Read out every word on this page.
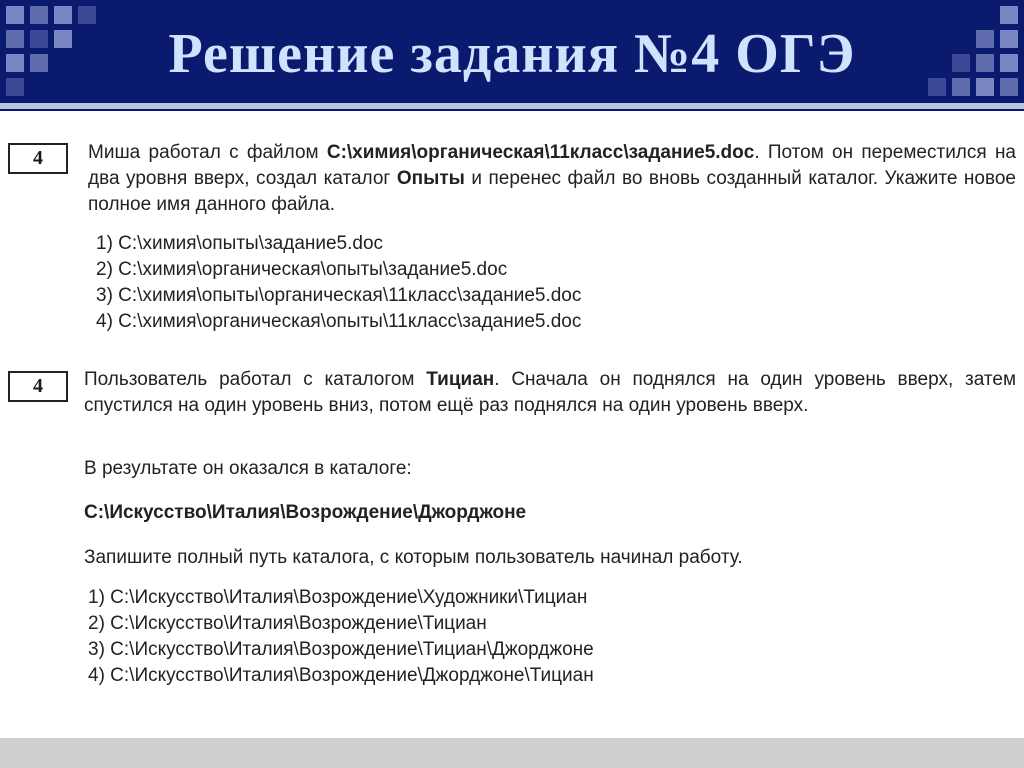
Решение задания №4 ОГЭ
4	Миша работал с файлом C:\химия\органическая\11класс\задание5.doc. Потом он переместился на два уровня вверх, создал каталог Опыты и перенес файл во вновь созданный каталог. Укажите новое полное имя данного файла.
1) C:\химия\опыты\задание5.doc
2) C:\химия\органическая\опыты\задание5.doc
3) C:\химия\опыты\органическая\11класс\задание5.doc
4) C:\химия\органическая\опыты\11класс\задание5.doc
4	Пользователь работал с каталогом Тициан. Сначала он поднялся на один уровень вверх, затем спустился на один уровень вниз, потом ещё раз поднялся на один уровень вверх.
В результате он оказался в каталоге:
C:\Искусство\Италия\Возрождение\Джорджоне
Запишите полный путь каталога, с которым пользователь начинал работу.
1) C:\Искусство\Италия\Возрождение\Художники\Тициан
2) C:\Искусство\Италия\Возрождение\Тициан
3) C:\Искусство\Италия\Возрождение\Тициан\Джорджоне
4) C:\Искусство\Италия\Возрождение\Джорджоне\Тициан
